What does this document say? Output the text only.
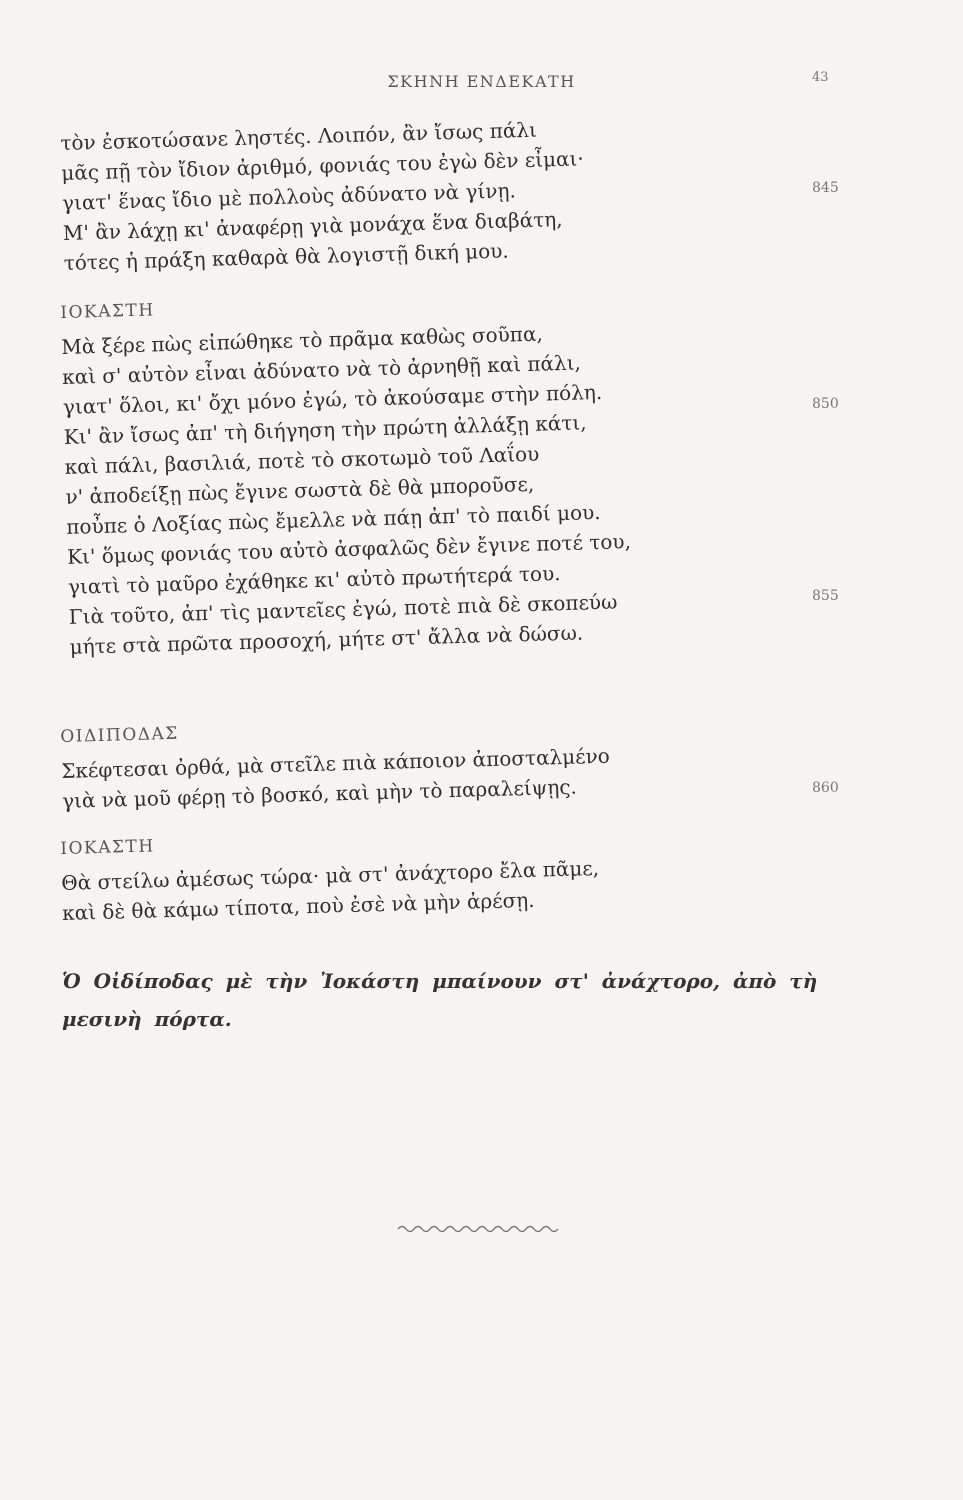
ΣΚΗΝΗ ΕΝΔΕΚΑΤΗ	43
τὸν ἐσκοτώσανε ληστές. Λοιπόν, ἂν ἴσως πάλι
μᾶς πῇ τὸν ἴδιον ἀριθμό, φονιάς του ἐγὼ δὲν εἶμαι·
γιατ' ἕνας ἴδιο μὲ πολλοὺς ἀδύνατο νὰ γίνῃ.
Μ' ἂν λάχῃ κι' ἀναφέρῃ γιὰ μονάχα ἕνα διαβάτη,
τότες ἡ πράξη καθαρὰ θὰ λογιστῇ δική μου.
ΙΟΚΑΣΤΗ
Μὰ ξέρε πὼς εἰπώθηκε τὸ πρᾶμα καθὼς σοῦπα,
καὶ σ' αὐτὸν εἶναι ἀδύνατο νὰ τὸ ἀρνηθῇ καὶ πάλι,
γιατ' ὅλοι, κι' ὄχι μόνο ἐγώ, τὸ ἀκούσαμε στὴν πόλη.
Κι' ἂν ἴσως ἀπ' τὴ διήγηση τὴν πρώτη ἀλλάξῃ κάτι,
καὶ πάλι, βασιλιά, ποτὲ τὸ σκοτωμὸ τοῦ Λαΐου
ν' ἀποδείξῃ πὼς ἔγινε σωστὰ δὲ θὰ μποροῦσε,
ποὖπε ὁ Λοξίας πὼς ἔμελλε νὰ πάῃ ἀπ' τὸ παιδί μου.
Κι' ὅμως φονιάς του αὐτὸ ἀσφαλῶς δὲν ἔγινε ποτέ του,
γιατὶ τὸ μαῦρο ἐχάθηκε κι' αὐτὸ πρωτήτερά του.
Γιὰ τοῦτο, ἀπ' τὶς μαντεῖες ἐγώ, ποτὲ πιὰ δὲ σκοπεύω
μήτε στὰ πρῶτα προσοχή, μήτε στ' ἄλλα νὰ δώσω.
ΟΙΔΙΠΟΔΑΣ
Σκέφτεσαι ὀρθά, μὰ στεῖλε πιὰ κάποιον ἀποσταλμένο
γιὰ νὰ μοῦ φέρῃ τὸ βοσκό, καὶ μὴν τὸ παραλείψῃς.
ΙΟΚΑΣΤΗ
Θὰ στείλω ἀμέσως τώρα· μὰ στ' ἀνάχτορο ἔλα πᾶμε,
καὶ δὲ θὰ κάμω τίποτα, ποὺ ἐσὲ νὰ μὴν ἀρέσῃ.
845
850
855
860
Ὁ Οἰδίποδας μὲ τὴν Ἰοκάστη μπαίνουν στ' ἀνάχτορο, ἀπὸ τὴ
μεσινὴ πόρτα.
